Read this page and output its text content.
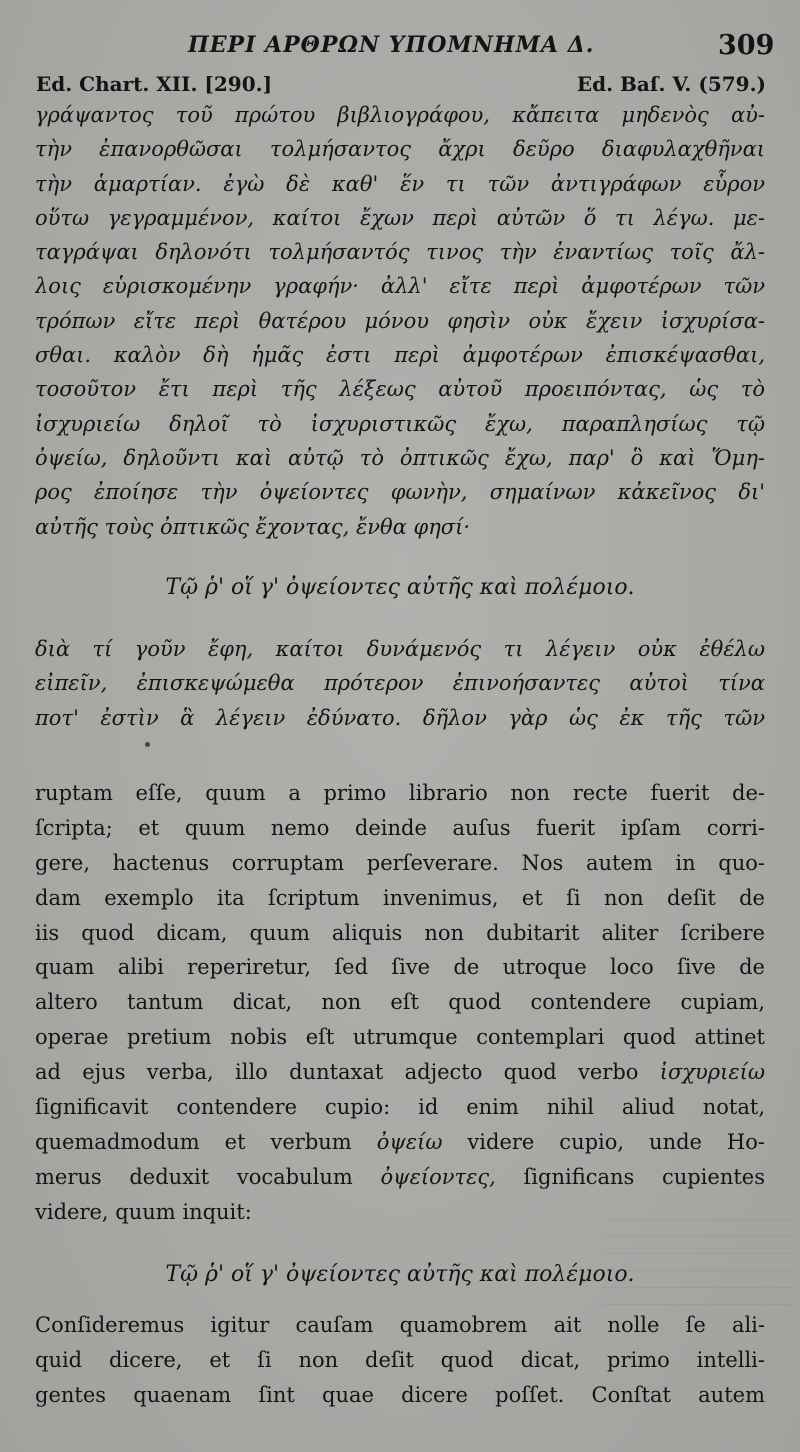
ΠΕΡΙ ΑΡΘΡΩΝ ΥΠΟΜΝΗΜΑ Δ.	309
Ed. Chart. XII. [290.]	Ed. Baſ. V. (579.)
γράψαντος τοῦ πρώτου βιβλιογράφου, κἄπειτα μηδενὸς αὐ-
τὴν ἐπανορθῶσαι τολμήσαντος ἄχρι δεῦρο διαφυλαχθῆναι
τὴν ἁμαρτίαν. ἐγὼ δὲ καθ' ἕν τι τῶν ἀντιγράφων εὗρον
οὕτω γεγραμμένον, καίτοι ἔχων περὶ αὐτῶν ὅ τι λέγω. με-
ταγράψαι δηλονότι τολμήσαντός τινος τὴν ἐναντίως τοῖς ἄλ-
λοις εὑρισκομένην γραφήν· ἀλλ' εἴτε περὶ ἀμφοτέρων τῶν
τρόπων εἴτε περὶ θατέρου μόνου φησὶν οὐκ ἔχειν ἰσχυρίσα-
σθαι. καλὸν δὴ ἡμᾶς ἐστι περὶ ἀμφοτέρων ἐπισκέψασθαι,
τοσοῦτον ἔτι περὶ τῆς λέξεως αὐτοῦ προειπόντας, ὡς τὸ
ἰσχυριείω δηλοῖ τὸ ἰσχυριστικῶς ἔχω, παραπλησίως τῷ
ὀψείω, δηλοῦντι καὶ αὐτῷ τὸ ὀπτικῶς ἔχω, παρ' ὃ καὶ Ὅμη-
ρος ἐποίησε τὴν ὀψείοντες φωνὴν, σημαίνων κἀκεῖνος δι'
αὐτῆς τοὺς ὀπτικῶς ἔχοντας, ἔνθα φησί·
Τῷ ῥ' οἵ γ' ὀψείοντες αὐτῆς καὶ πολέμοιο.
διὰ τί γοῦν ἔφη, καίτοι δυνάμενός τι λέγειν οὐκ ἐθέλω
εἰπεῖν, ἐπισκεψώμεθα πρότερον ἐπινοήσαντες αὐτοὶ τίνα
ποτ' ἐστὶν ἃ λέγειν ἐδύνατο. δῆλον γὰρ ὡς ἐκ τῆς τῶν
ruptam eſſe, quum a primo librario non recte fuerit de-
ſcripta; et quum nemo deinde auſus fuerit ipſam corri-
gere, hactenus corruptam perſeverare. Nos autem in quo-
dam exemplo ita ſcriptum invenimus, et ſi non deſit de
iis quod dicam, quum aliquis non dubitarit aliter ſcribere
quam alibi reperiretur, ſed ſive de utroque loco ſive de
altero tantum dicat, non eſt quod contendere cupiam,
operae pretium nobis eſt utrumque contemplari quod attinet
ad ejus verba, illo duntaxat adjecto quod verbo ἰσχυριείω
ſignificavit contendere cupio: id enim nihil aliud notat,
quemadmodum et verbum ὀψείω videre cupio, unde Ho-
merus deduxit vocabulum ὀψείοντες, ſignificans cupientes
videre, quum inquit:
Τῷ ῥ' οἵ γ' ὀψείοντες αὐτῆς καὶ πολέμοιο.
Conſideremus igitur cauſam quamobrem ait nolle ſe ali-
quid dicere, et ſi non deſit quod dicat, primo intelli-
gentes quaenam ſint quae dicere poſſet. Conſtat autem
